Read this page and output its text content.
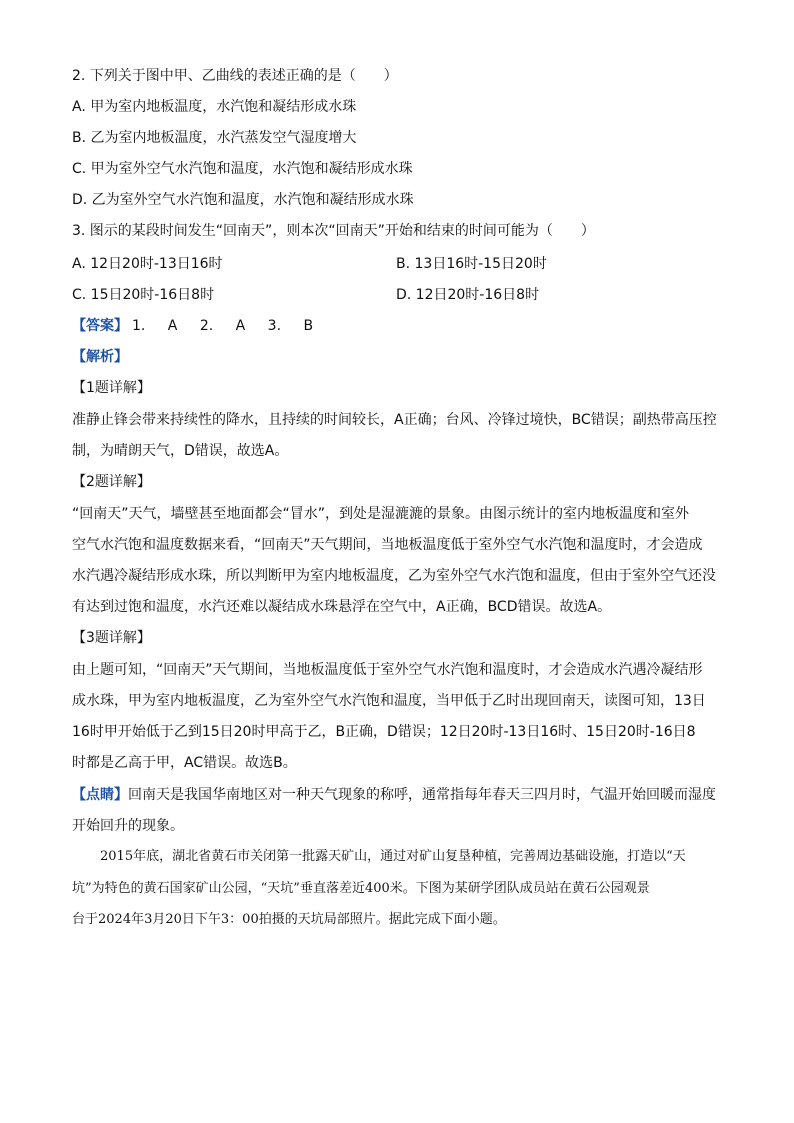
2. 下列关于图中甲、乙曲线的表述正确的是（　　）
A. 甲为室内地板温度，水汽饱和凝结形成水珠
B. 乙为室内地板温度，水汽蒸发空气湿度增大
C. 甲为室外空气水汽饱和温度，水汽饱和凝结形成水珠
D. 乙为室外空气水汽饱和温度，水汽饱和凝结形成水珠
3. 图示的某段时间发生“回南天”，则本次“回南天”开始和结束的时间可能为（　　）
A. 12日20时-13日16时	B. 13日16时-15日20时
C. 15日20时-16日8时	D. 12日20时-16日8时
【答案】 1. A 2. A 3. B
【解析】
【1题详解】
准静止锋会带来持续性的降水，且持续的时间较长，A正确；台风、冷锋过境快，BC错误；副热带高压控
制，为晴朗天气，D错误，故选A。
【2题详解】
“回南天”天气，墙壁甚至地面都会“冒水”，到处是湿漉漉的景象。由图示统计的室内地板温度和室外
空气水汽饱和温度数据来看，“回南天”天气期间，当地板温度低于室外空气水汽饱和温度时，才会造成
水汽遇冷凝结形成水珠，所以判断甲为室内地板温度，乙为室外空气水汽饱和温度，但由于室外空气还没
有达到过饱和温度，水汽还难以凝结成水珠悬浮在空气中，A正确，BCD错误。故选A。
【3题详解】
由上题可知，“回南天”天气期间，当地板温度低于室外空气水汽饱和温度时，才会造成水汽遇冷凝结形
成水珠，甲为室内地板温度，乙为室外空气水汽饱和温度，当甲低于乙时出现回南天，读图可知，13日
16时甲开始低于乙到15日20时甲高于乙，B正确，D错误；12日20时-13日16时、15日20时-16日8
时都是乙高于甲，AC错误。故选B。
【点睛】回南天是我国华南地区对一种天气现象的称呼，通常指每年春天三四月时，气温开始回暖而湿度
开始回升的现象。
2015年底，湖北省黄石市关闭第一批露天矿山，通过对矿山复垦种植，完善周边基础设施，打造以“天
坑”为特色的黄石国家矿山公园，“天坑”垂直落差近400米。下图为某研学团队成员站在黄石公园观景
台于2024年3月20日下午3：00拍摄的天坑局部照片。据此完成下面小题。
